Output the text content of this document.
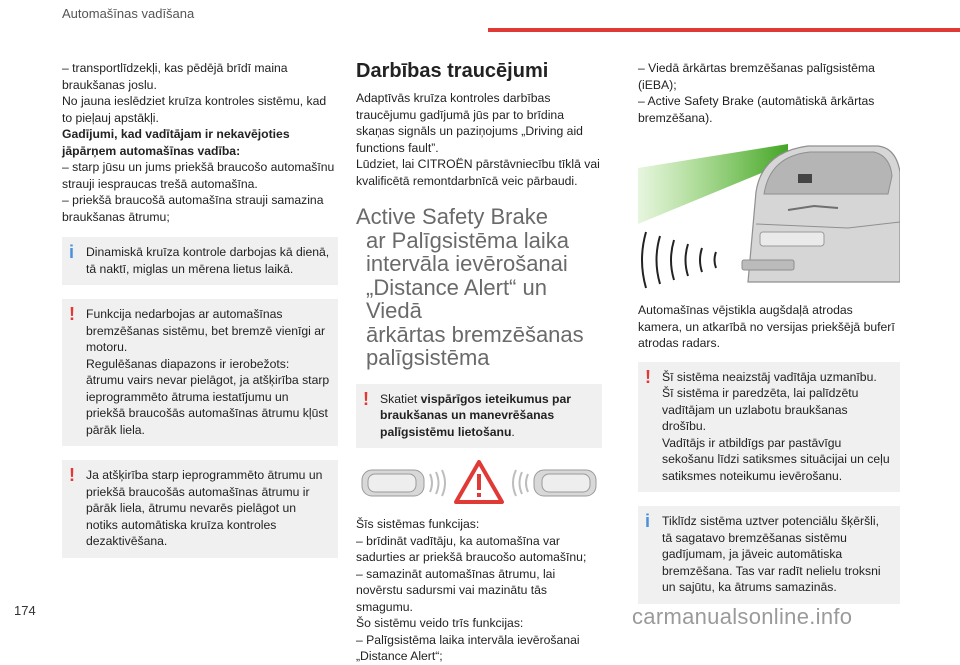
Automašīnas vadīšana

– transportlīdzekļi, kas pēdējā brīdī maina braukšanas joslu.

No jauna ieslēdziet kruīza kontroles sistēmu, kad to pieļauj apstākļi.

Gadījumi, kad vadītājam ir nekavējoties jāpārņem automašīnas vadība:

– starp jūsu un jums priekšā braucošo automašīnu strauji iespraucas trešā automašīna.

– priekšā braucošā automašīna strauji samazina braukšanas ātrumu;

i Dinamiskā kruīza kontrole darbojas kā dienā, tā naktī, miglas un mērena lietus laikā.

! Funkcija nedarbojas ar automašīnas bremzēšanas sistēmu, bet bremzē vienīgi ar motoru.

Regulēšanas diapazons ir ierobežots:

ātrumu vairs nevar pielāgot, ja atšķirība starp ieprogrammēto ātruma iestatījumu un priekšā braucošās automašīnas ātrumu kļūst pārāk liela.

! Ja atšķirība starp ieprogrammēto ātrumu un priekšā braucošās automašīnas ātrumu ir pārāk liela, ātrumu nevarēs pielāgot un notiks automātiska kruīza kontroles dezaktivēšana.

Darbības traucējumi

Adaptīvās kruīza kontroles darbības traucējumu gadījumā jūs par to brīdina skaņas signāls un paziņojums „Driving aid functions fault”.

Lūdziet, lai CITROËN pārstāvniecību tīklā vai kvalificētā remontdarbnīcā veic pārbaudi.

Active Safety Brake
ar Palīgsistēma laika
intervāla ievērošanai
„Distance Alert“ un Viedā
ārkārtas bremzēšanas
palīgsistēma
! Skatiet vispārīgos ieteikumus par braukšanas un manevrēšanas palīgsistēmu lietošanu.

Šīs sistēmas funkcijas:

– brīdināt vadītāju, ka automašīna var sadurties ar priekšā braucošo automašīnu;

– samazināt automašīnas ātrumu, lai novērstu sadursmi vai mazinātu tās smagumu.

Šo sistēmu veido trīs funkcijas:

– Palīgsistēma laika intervāla ievērošanai „Distance Alert“;

– Viedā ārkārtas bremzēšanas palīgsistēma (iEBA);

– Active Safety Brake (automātiskā ārkārtas bremzēšana).

Automašīnas vējstikla augšdaļā atrodas kamera, un atkarībā no versijas priekšējā buferī atrodas radars.

! Šī sistēma neaizstāj vadītāja uzmanību.

Šī sistēma ir paredzēta, lai palīdzētu vadītājam un uzlabotu braukšanas drošību.

Vadītājs ir atbildīgs par pastāvīgu sekošanu līdzi satiksmes situācijai un ceļu satiksmes noteikumu ievērošanu.

i Tiklīdz sistēma uztver potenciālu šķēršli, tā sagatavo bremzēšanas sistēmu gadījumam, ja jāveic automātiska bremzēšana. Tas var radīt nelielu troksni un sajūtu, ka ātrums samazinās.

174	carmanualsonline.info
